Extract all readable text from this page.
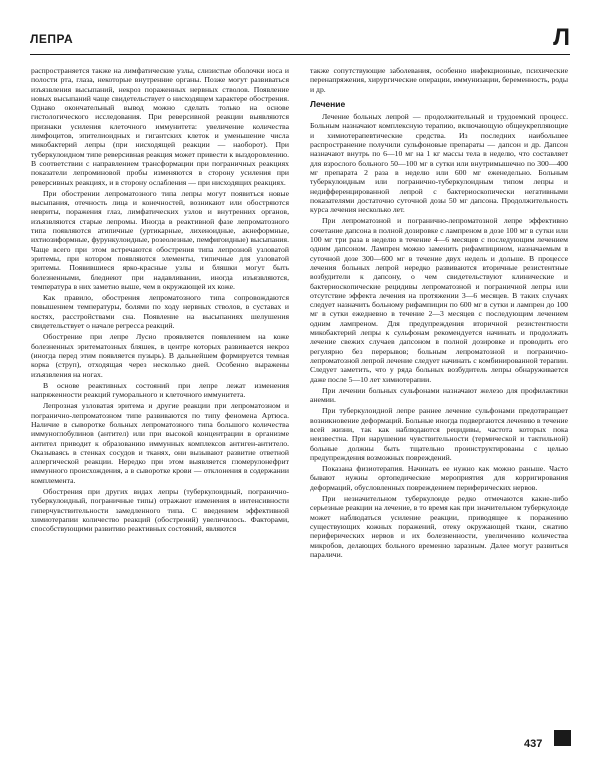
ЛЕПРА	Л

распространяется также на лимфатические узлы, слизистые оболочки носа и полости рта, глаза, некоторые внутренние органы. Позже могут развиваться изъязвления высыпаний, некроз пораженных нервных стволов. Появление новых высыпаний чаще свидетельствует о нисходящем характере обострения. Однако окончательный вывод можно сделать только на основе гистологического исследования. При реверсивной реакции выявляются признаки усиления клеточного иммунитета: увеличение количества лимфоцитов, эпителиоидных и гигантских клеток и уменьшение числа микобактерий лепры (при нисходящей реакции — наоборот). При туберкулоидном типе реверсивная реакция может привести к выздоровлению. В соответствии с направлением трансформации при пограничных реакциях показатели лепроминовой пробы изменяются в сторону усиления при реверсивных реакциях, и в сторону ослабления — при нисходящих реакциях.

При обострении лепроматозного типа лепры могут появиться новые высыпания, отечность лица и конечностей, возникают или обостряются невриты, поражения глаз, лимфатических узлов и внутренних органов, изъязвляются старые лепромы. Иногда в реактивной фазе лепроматозного типа появляются атипичные (уртикарные, лихеноидные, акнеформные, ихтиозиформные, фурункулоидные, розеолезные, пемфигоидные) высыпания. Чаще всего при этом встречаются обострения типа лепрозной узловатой эритемы, при котором появляются элементы, типичные для узловатой эритемы. Появившиеся ярко-красные узлы и бляшки могут быть болезненными, бледнеют при надавливании, иногда изъязвляются, температура в них заметно выше, чем в окружающей их коже.

Как правило, обострения лепроматозного типа сопровождаются повышением температуры, болями по ходу нервных стволов, в суставах и костях, расстройствами сна. Появление на высыпаниях шелушения свидетельствует о начале регресса реакций.

Обострение при лепре Лусио проявляется появлением на коже болезненных эритематозных бляшек, в центре которых развивается некроз (иногда перед этим появляется пузырь). В дальнейшем формируется темная корка (струп), отходящая через несколько дней. Особенно выражены изъязвления на ногах.

В основе реактивных состояний при лепре лежат изменения напряженности реакций гуморального и клеточного иммунитета.

Лепрозная узловатая эритема и другие реакции при лепроматозном и погранично-лепроматозном типе развиваются по типу феномена Артюса. Наличие в сыворотке больных лепроматозного типа большого количества иммуноглобулинов (антител) или при высокой концентрации в организме антител приводит к образованию иммунных комплексов антиген-антитело. Оказываясь в стенках сосудов и тканях, они вызывают развитие ответной аллергической реакции. Нередко при этом выявляется гломерулонефрит иммунного происхождения, а в сыворотке крови — отклонения в содержании комплемента.

Обострения при других видах лепры (туберкулоидный, погранично-туберкулоидный, пограничные типы) отражают изменения в интенсивности гиперчувствительности замедленного типа. С введением эффективной химиотерапии количество реакций (обострений) увеличилось. Факторами, способствующими развитию реактивных состояний, являются

также сопутствующие заболевания, особенно инфекционные, психические перенапряжения, хирургические операции, иммунизации, беременность, роды и др.

Лечение

Лечение больных лепрой — продолжительный и трудоемкий процесс. Больным назначают комплексную терапию, включающую общеукрепляющие и химиотерапевтические средства. Из последних наибольшее распространение получили сульфоновые препараты — дапсон и др. Дапсон назначают внутрь по 6—10 мг на 1 кг массы тела в неделю, что составляет для взрослого больного 50—100 мг в сутки или внутримышечно по 300—400 мг препарата 2 раза в неделю или 600 мг еженедельно. Больным туберкулоидным или погранично-туберкулоидным типом лепры и недифференцированной лепрой с бактериоскопически негативными показателями достаточно суточной дозы 50 мг дапсона. Продолжительность курса лечения несколько лет.

При лепроматозной и погранично-лепроматозной лепре эффективно сочетание дапсона в полной дозировке с лампреном в дозе 100 мг в сутки или 100 мг три раза в неделю в течение 4—6 месяцев с последующим лечением одним дапсоном. Лампрен можно заменить рифампицином, назначаемым в суточной дозе 300—600 мг в течение двух недель и дольше. В процессе лечения больных лепрой нередко развиваются вторичные резистентные возбудители к дапсону, о чем свидетельствуют клинические и бактериоскопические рецидивы лепроматозной и пограничной лепры или отсутствие эффекта лечения на протяжении 3—6 месяцев. В таких случаях следует назначить больному рифампицин по 600 мг в сутки и лампрен до 100 мг в сутки ежедневно в течение 2—3 месяцев с последующим лечением одним лампреном. Для предупреждения вторичной резистентности микобактерий лепры к сульфонам рекомендуется начинать и продолжать лечение свежих случаев дапсоном в полной дозировке и проводить его регулярно без перерывов; больным лепроматозной и погранично-лепроматозной лепрой лечение следует начинать с комбинированной терапии. Следует заметить, что у ряда больных возбудитель лепры обнаруживается даже после 5—10 лет химиотерапии.

При лечении больных сульфонами назначают железо для профилактики анемии.

При туберкулоидной лепре раннее лечение сульфонами предотвращает возникновение деформаций. Больные иногда подвергаются лечению в течение всей жизни, так как наблюдаются рецидивы, частота которых пока неизвестна. При нарушении чувствительности (термической и тактильной) больные должны быть тщательно проинструктированы с целью предупреждения возможных повреждений.

Показана физиотерапия. Начинать ее нужно как можно раньше. Часто бывают нужны ортопедические мероприятия для корригирования деформаций, обусловленных повреждением периферических нервов.

При незначительном туберкулоиде редко отмечаются какие-либо серьезные реакции на лечение, в то время как при значительном туберкулоиде может наблюдаться усиление реакции, приводящее к поражению существующих кожных поражений, отеку окружающей ткани, сжатию периферических нервов и их болезненности, увеличению количества микробов, делающих больного временно заразным. Далее могут развиться параличи.

437
